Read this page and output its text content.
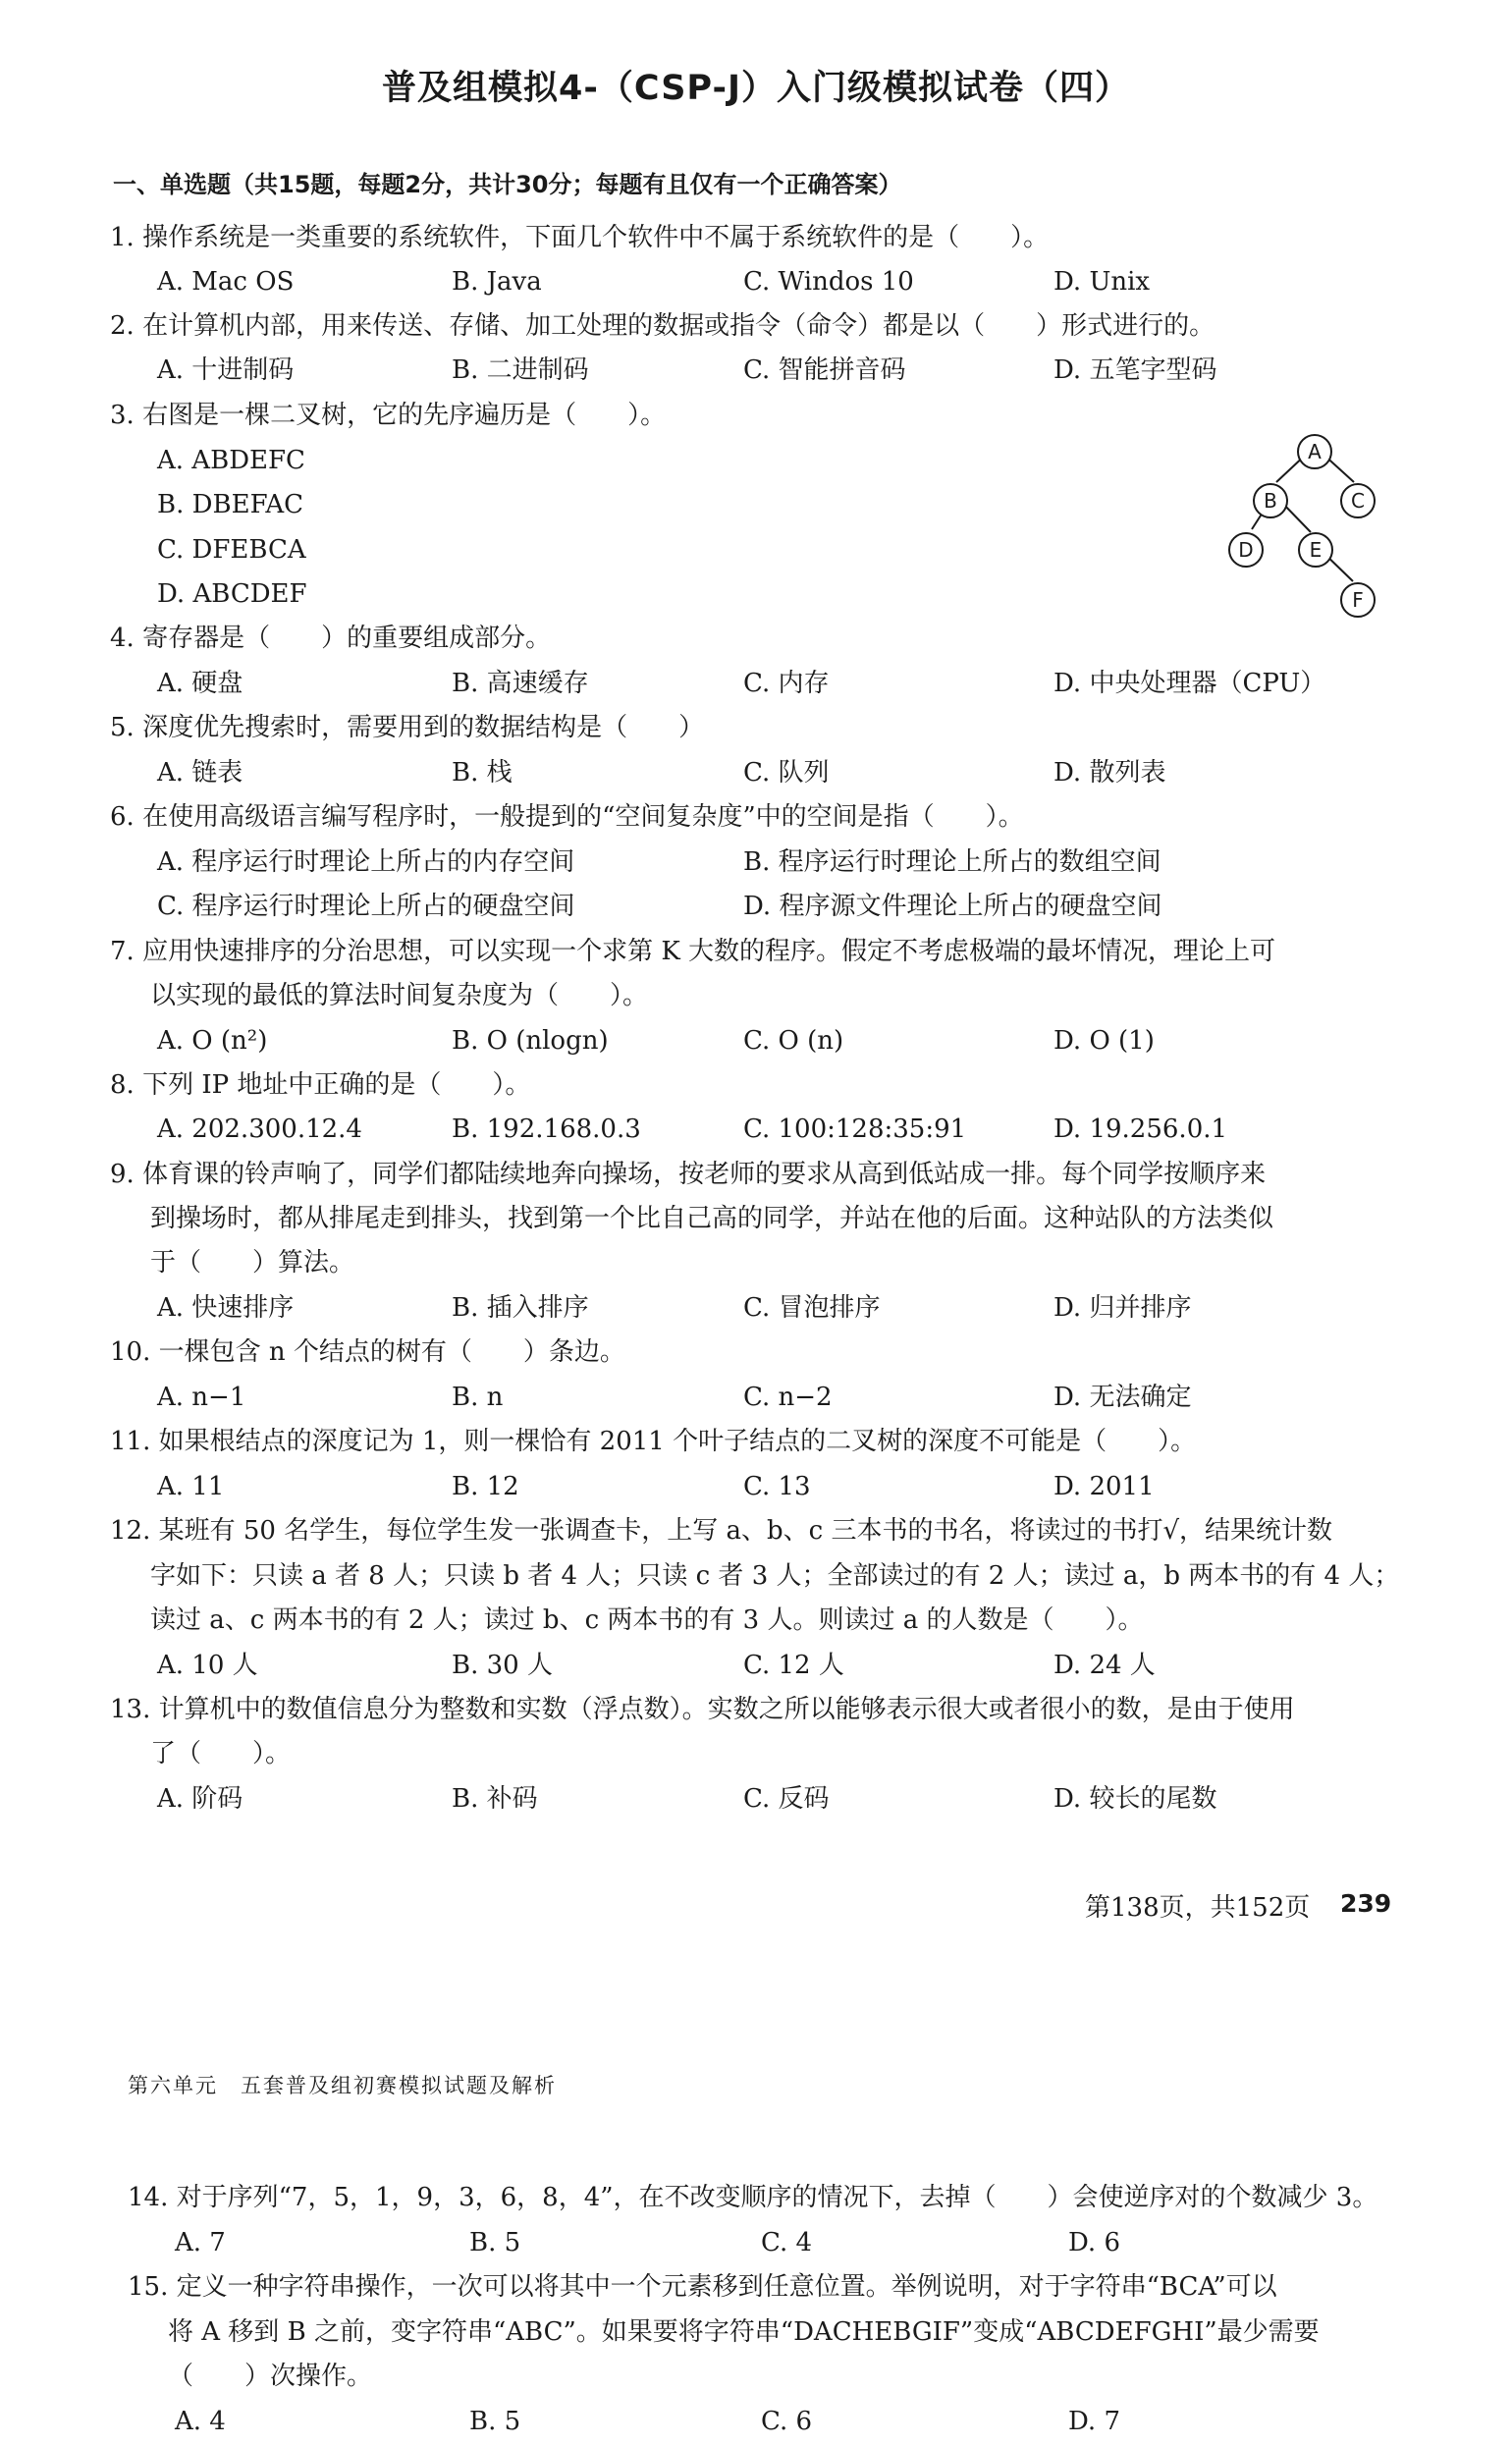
普及组模拟4-（CSP-J）入门级模拟试卷（四）
一、单选题（共15题，每题2分，共计30分；每题有且仅有一个正确答案）
1. 操作系统是一类重要的系统软件，下面几个软件中不属于系统软件的是（　　）。
A. Mac OS	B. Java	C. Windos 10	D. Unix
2. 在计算机内部，用来传送、存储、加工处理的数据或指令（命令）都是以（　　）形式进行的。
A. 十进制码	B. 二进制码	C. 智能拼音码	D. 五笔字型码
3. 右图是一棵二叉树，它的先序遍历是（　　）。
A. ABDEFC
B. DBEFAC
C. DFEBCA
D. ABCDEF
A
B	C
D	E
F
4. 寄存器是（　　）的重要组成部分。
A. 硬盘	B. 高速缓存	C. 内存	D. 中央处理器（CPU）
5. 深度优先搜索时，需要用到的数据结构是（　　）
A. 链表	B. 栈	C. 队列	D. 散列表
6. 在使用高级语言编写程序时，一般提到的“空间复杂度”中的空间是指（　　）。
A. 程序运行时理论上所占的内存空间	B. 程序运行时理论上所占的数组空间
C. 程序运行时理论上所占的硬盘空间	D. 程序源文件理论上所占的硬盘空间
7. 应用快速排序的分治思想，可以实现一个求第 K 大数的程序。假定不考虑极端的最坏情况，理论上可
以实现的最低的算法时间复杂度为（　　）。
A. O (n²)	B. O (nlogn)	C. O (n)	D. O (1)
8. 下列 IP 地址中正确的是（　　）。
A. 202.300.12.4	B. 192.168.0.3	C. 100:128:35:91	D. 19.256.0.1
9. 体育课的铃声响了，同学们都陆续地奔向操场，按老师的要求从高到低站成一排。每个同学按顺序来
到操场时，都从排尾走到排头，找到第一个比自己高的同学，并站在他的后面。这种站队的方法类似
于（　　）算法。
A. 快速排序	B. 插入排序	C. 冒泡排序	D. 归并排序
10. 一棵包含 n 个结点的树有（　　）条边。
A. n−1	B. n	C. n−2	D. 无法确定
11. 如果根结点的深度记为 1，则一棵恰有 2011 个叶子结点的二叉树的深度不可能是（　　）。
A. 11	B. 12	C. 13	D. 2011
12. 某班有 50 名学生，每位学生发一张调查卡，上写 a、b、c 三本书的书名，将读过的书打√，结果统计数
字如下：只读 a 者 8 人；只读 b 者 4 人；只读 c 者 3 人；全部读过的有 2 人；读过 a，b 两本书的有 4 人；
读过 a、c 两本书的有 2 人；读过 b、c 两本书的有 3 人。则读过 a 的人数是（　　）。
A. 10 人	B. 30 人	C. 12 人	D. 24 人
13. 计算机中的数值信息分为整数和实数（浮点数）。实数之所以能够表示很大或者很小的数，是由于使用
了（　　）。
A. 阶码	B. 补码	C. 反码	D. 较长的尾数
第138页，共152页 239
第六单元　五套普及组初赛模拟试题及解析
14. 对于序列“7，5，1，9，3，6，8，4”，在不改变顺序的情况下，去掉（　　）会使逆序对的个数减少 3。
A. 7	B. 5	C. 4	D. 6
15. 定义一种字符串操作，一次可以将其中一个元素移到任意位置。举例说明，对于字符串“BCA”可以
将 A 移到 B 之前，变字符串“ABC”。如果要将字符串“DACHEBGIF”变成“ABCDEFGHI”最少需要
（　　）次操作。
A. 4	B. 5	C. 6	D. 7
